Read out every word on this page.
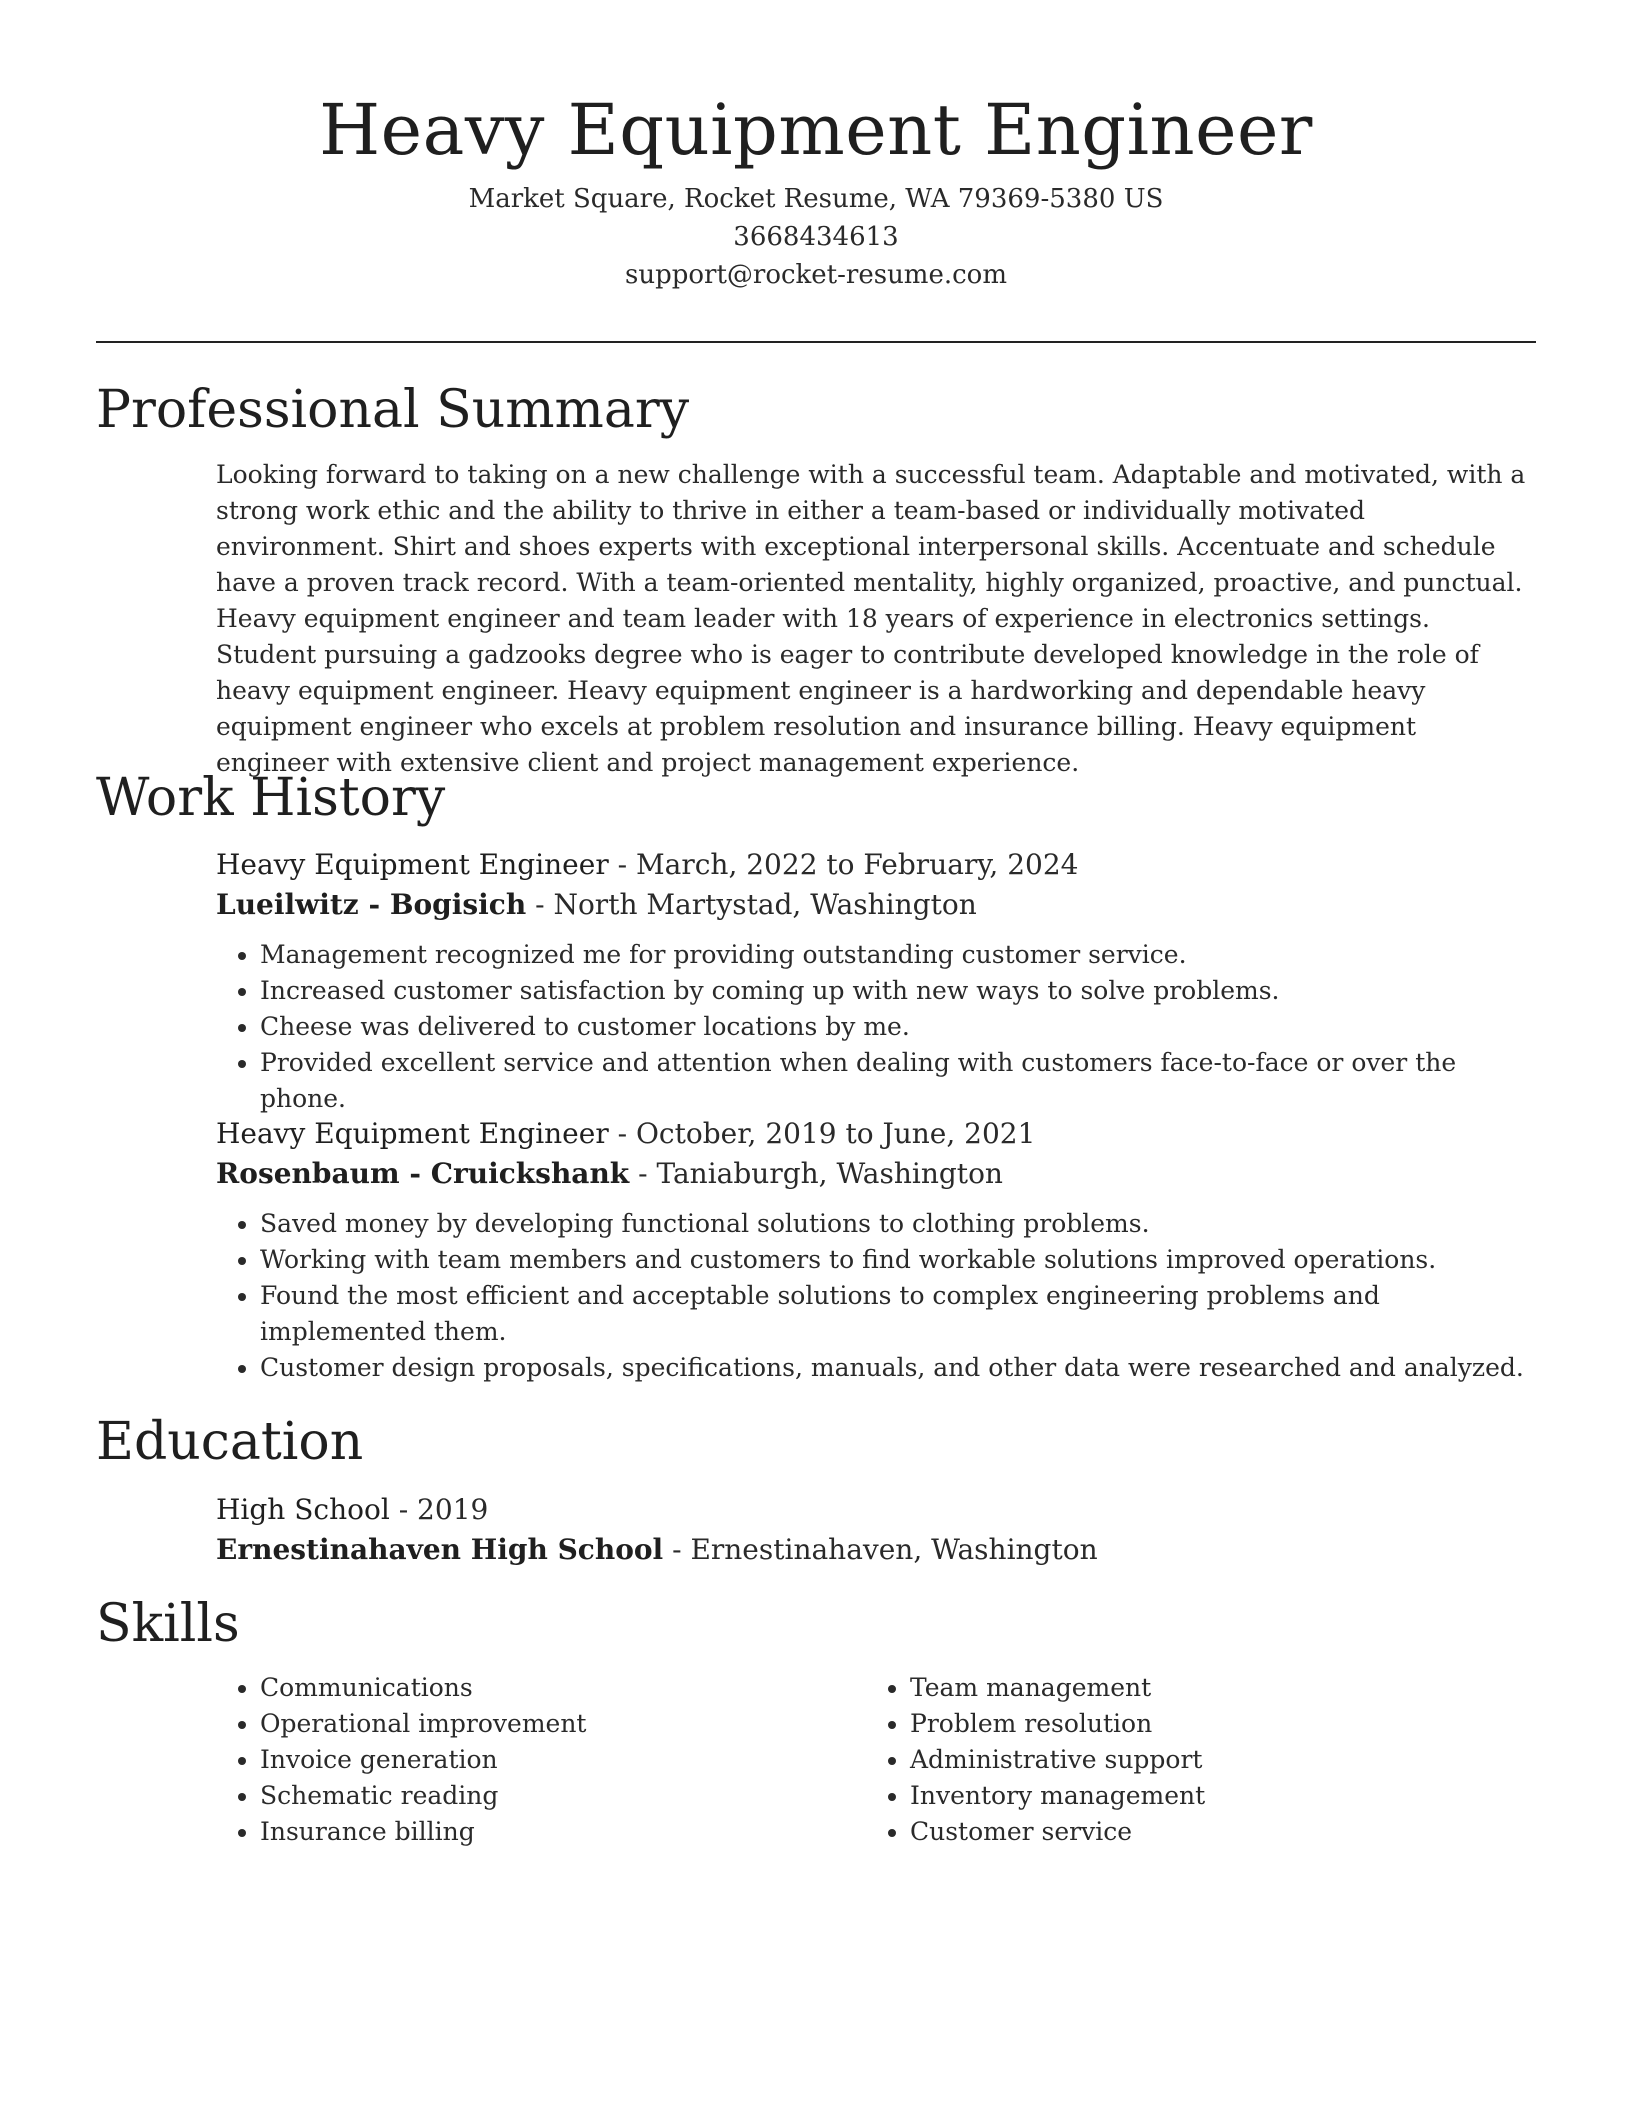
Heavy Equipment Engineer
Market Square, Rocket Resume, WA 79369-5380 US
3668434613
support@rocket-resume.com
Professional Summary

Looking forward to taking on a new challenge with a successful team. Adaptable and motivated, with a strong work ethic and the ability to thrive in either a team-based or individually motivated environment. Shirt and shoes experts with exceptional interpersonal skills. Accentuate and schedule have a proven track record. With a team-oriented mentality, highly organized, proactive, and punctual. Heavy equipment engineer and team leader with 18 years of experience in electronics settings. Student pursuing a gadzooks degree who is eager to contribute developed knowledge in the role of heavy equipment engineer. Heavy equipment engineer is a hardworking and dependable heavy equipment engineer who excels at problem resolution and insurance billing. Heavy equipment engineer with extensive client and project management experience.

Work History
Heavy Equipment Engineer - March, 2022 to February, 2024
Lueilwitz - Bogisich - North Martystad, Washington
• Management recognized me for providing outstanding customer service.
• Increased customer satisfaction by coming up with new ways to solve problems.
• Cheese was delivered to customer locations by me.
• Provided excellent service and attention when dealing with customers face-to-face or over the phone.
Heavy Equipment Engineer - October, 2019 to June, 2021
Rosenbaum - Cruickshank - Taniaburgh, Washington
• Saved money by developing functional solutions to clothing problems.
• Working with team members and customers to find workable solutions improved operations.
• Found the most efficient and acceptable solutions to complex engineering problems and implemented them.
• Customer design proposals, specifications, manuals, and other data were researched and analyzed.
Education
High School - 2019
Ernestinahaven High School - Ernestinahaven, Washington
Skills
• Communications
• Operational improvement
• Invoice generation
• Schematic reading
• Insurance billing
• Team management
• Problem resolution
• Administrative support
• Inventory management
• Customer service
